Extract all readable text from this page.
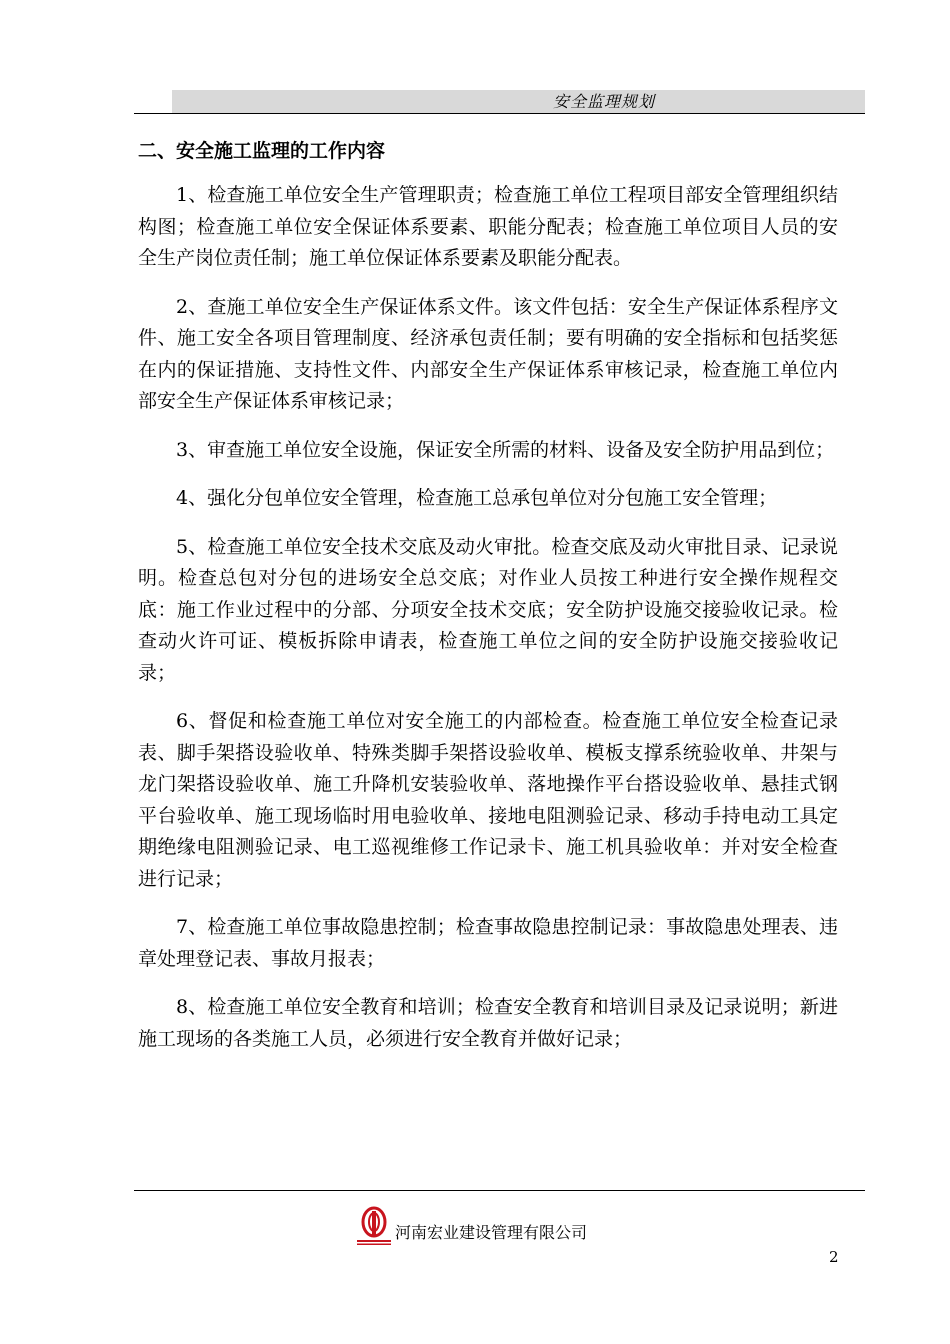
安全监理规划
二、安全施工监理的工作内容

1、检查施工单位安全生产管理职责；检查施工单位工程项目部安全管理组织结构图；检查施工单位安全保证体系要素、职能分配表；检查施工单位项目人员的安全生产岗位责任制；施工单位保证体系要素及职能分配表。

2、查施工单位安全生产保证体系文件。该文件包括：安全生产保证体系程序文件、施工安全各项目管理制度、经济承包责任制；要有明确的安全指标和包括奖惩在内的保证措施、支持性文件、内部安全生产保证体系审核记录，检查施工单位内部安全生产保证体系审核记录；

3、审查施工单位安全设施，保证安全所需的材料、设备及安全防护用品到位；

4、强化分包单位安全管理，检查施工总承包单位对分包施工安全管理；

5、检查施工单位安全技术交底及动火审批。检查交底及动火审批目录、记录说明。检查总包对分包的进场安全总交底；对作业人员按工种进行安全操作规程交底：施工作业过程中的分部、分项安全技术交底；安全防护设施交接验收记录。检查动火许可证、模板拆除申请表，检查施工单位之间的安全防护设施交接验收记录；

6、督促和检查施工单位对安全施工的内部检查。检查施工单位安全检查记录表、脚手架搭设验收单、特殊类脚手架搭设验收单、模板支撑系统验收单、井架与龙门架搭设验收单、施工升降机安装验收单、落地操作平台搭设验收单、悬挂式钢平台验收单、施工现场临时用电验收单、接地电阻测验记录、移动手持电动工具定期绝缘电阻测验记录、电工巡视维修工作记录卡、施工机具验收单：并对安全检查进行记录；

7、检查施工单位事故隐患控制；检查事故隐患控制记录：事故隐患处理表、违章处理登记表、事故月报表；

8、检查施工单位安全教育和培训；检查安全教育和培训目录及记录说明；新进施工现场的各类施工人员，必须进行安全教育并做好记录；

河南宏业建设管理有限公司
2
